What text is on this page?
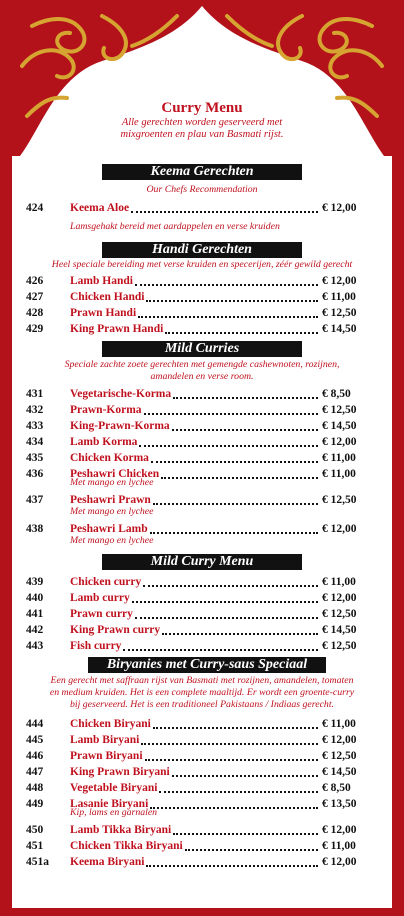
Curry Menu
Alle gerechten worden geserveerd met
mixgroenten en plau van Basmati rijst.
Keema Gerechten
Our Chefs Recommendation
424	Keema Aloe	€ 12,00
Lamsgehakt bereid met aardappelen en verse kruiden
Handi Gerechten
Heel speciale bereiding met verse kruiden en specerijen, zéér gewild gerecht
426	Lamb Handi	€ 12,00
427	Chicken Handi	€ 11,00
428	Prawn Handi	€ 12,50
429	King Prawn Handi	€ 14,50
Mild Curries
Speciale zachte zoete gerechten met gemengde cashewnoten, rozijnen,
amandelen en verse room.
431	Vegetarische-Korma	€ 8,50
432	Prawn-Korma	€ 12,50
433	King-Prawn-Korma	€ 14,50
434	Lamb Korma	€ 12,00
435	Chicken Korma	€ 11,00
436	Peshawri Chicken	€ 11,00
437	Peshawri Prawn	€ 12,50
438	Peshawri Lamb	€ 12,00
Met mango en lychee
Met mango en lychee
Met mango en lychee
Mild Curry Menu
439	Chicken curry	€ 11,00
440	Lamb curry	€ 12,00
441	Prawn curry	€ 12,50
442	King Prawn curry	€ 14,50
443	Fish curry	€ 12,50
Biryanies met Curry-saus Speciaal
Een gerecht met saffraan rijst van Basmati met rozijnen, amandelen, tomaten
en medium kruiden. Het is een complete maaltijd. Er wordt een groente-curry
bij geserveerd. Het is een traditioneel Pakistaans / Indiaas gerecht.
444	Chicken Biryani	€ 11,00
445	Lamb Biryani	€ 12,00
446	Prawn Biryani	€ 12,50
447	King Prawn Biryani	€ 14,50
448	Vegetable Biryani	€ 8,50
449	Lasanie Biryani	€ 13,50
450	Lamb Tikka Biryani	€ 12,00
451	Chicken Tikka Biryani	€ 11,00
451a	Keema Biryani	€ 12,00
Kip, lams en garnalen
